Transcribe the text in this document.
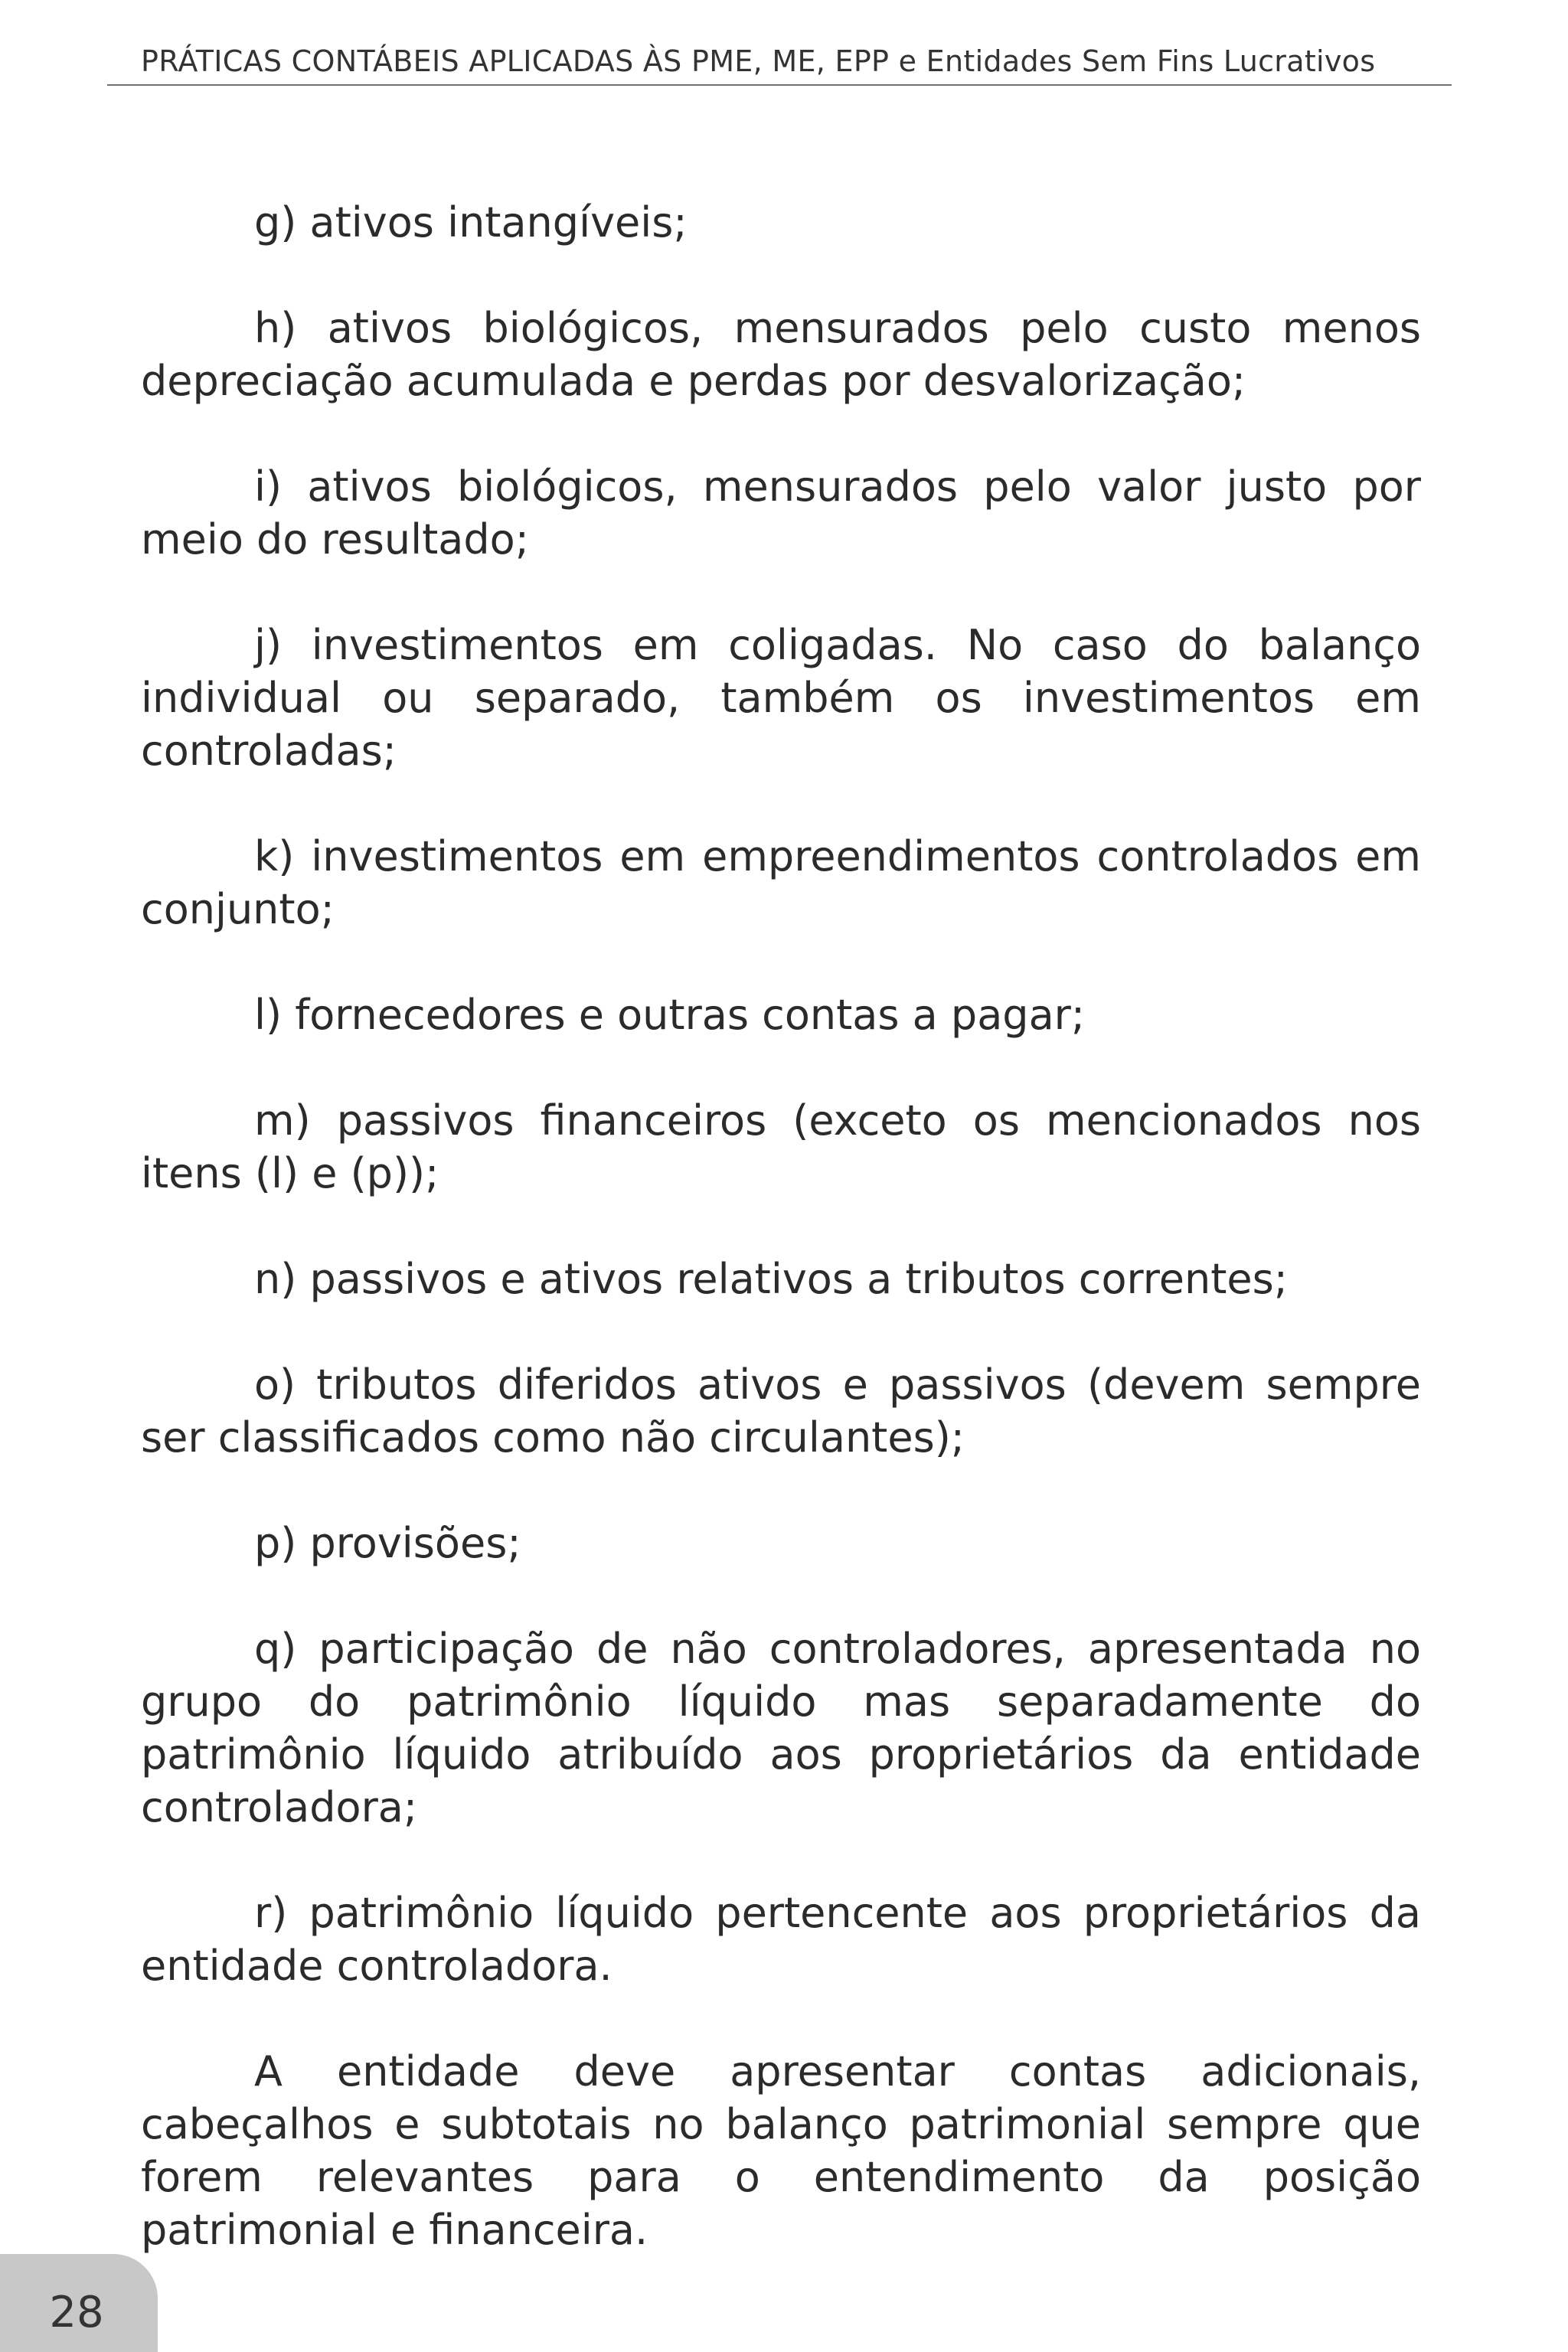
PRÁTICAS CONTÁBEIS APLICADAS ÀS PME, ME, EPP e Entidades Sem Fins Lucrativos

g) ativos intangíveis;

h) ativos biológicos, mensurados pelo custo menos depreciação acumulada e perdas por desvalorização;

i) ativos biológicos, mensurados pelo valor justo por meio do resultado;

j) investimentos em coligadas. No caso do balanço individual ou separado, também os investimentos em controladas;

k) investimentos em empreendimentos controlados em conjunto;

l) fornecedores e outras contas a pagar;

m) passivos financeiros (exceto os mencionados nos itens (l) e (p));

n) passivos e ativos relativos a tributos correntes;

o) tributos diferidos ativos e passivos (devem sempre ser classificados como não circulantes);

p) provisões;

q) participação de não controladores, apresentada no grupo do patrimônio líquido mas separadamente do patrimônio líquido atribuído aos proprietários da entidade controladora;

r) patrimônio líquido pertencente aos proprietários da entidade controladora.

A entidade deve apresentar contas adicionais, cabeçalhos e subtotais no balanço patrimonial sempre que forem relevantes para o entendimento da posição patrimonial e financeira.

28
